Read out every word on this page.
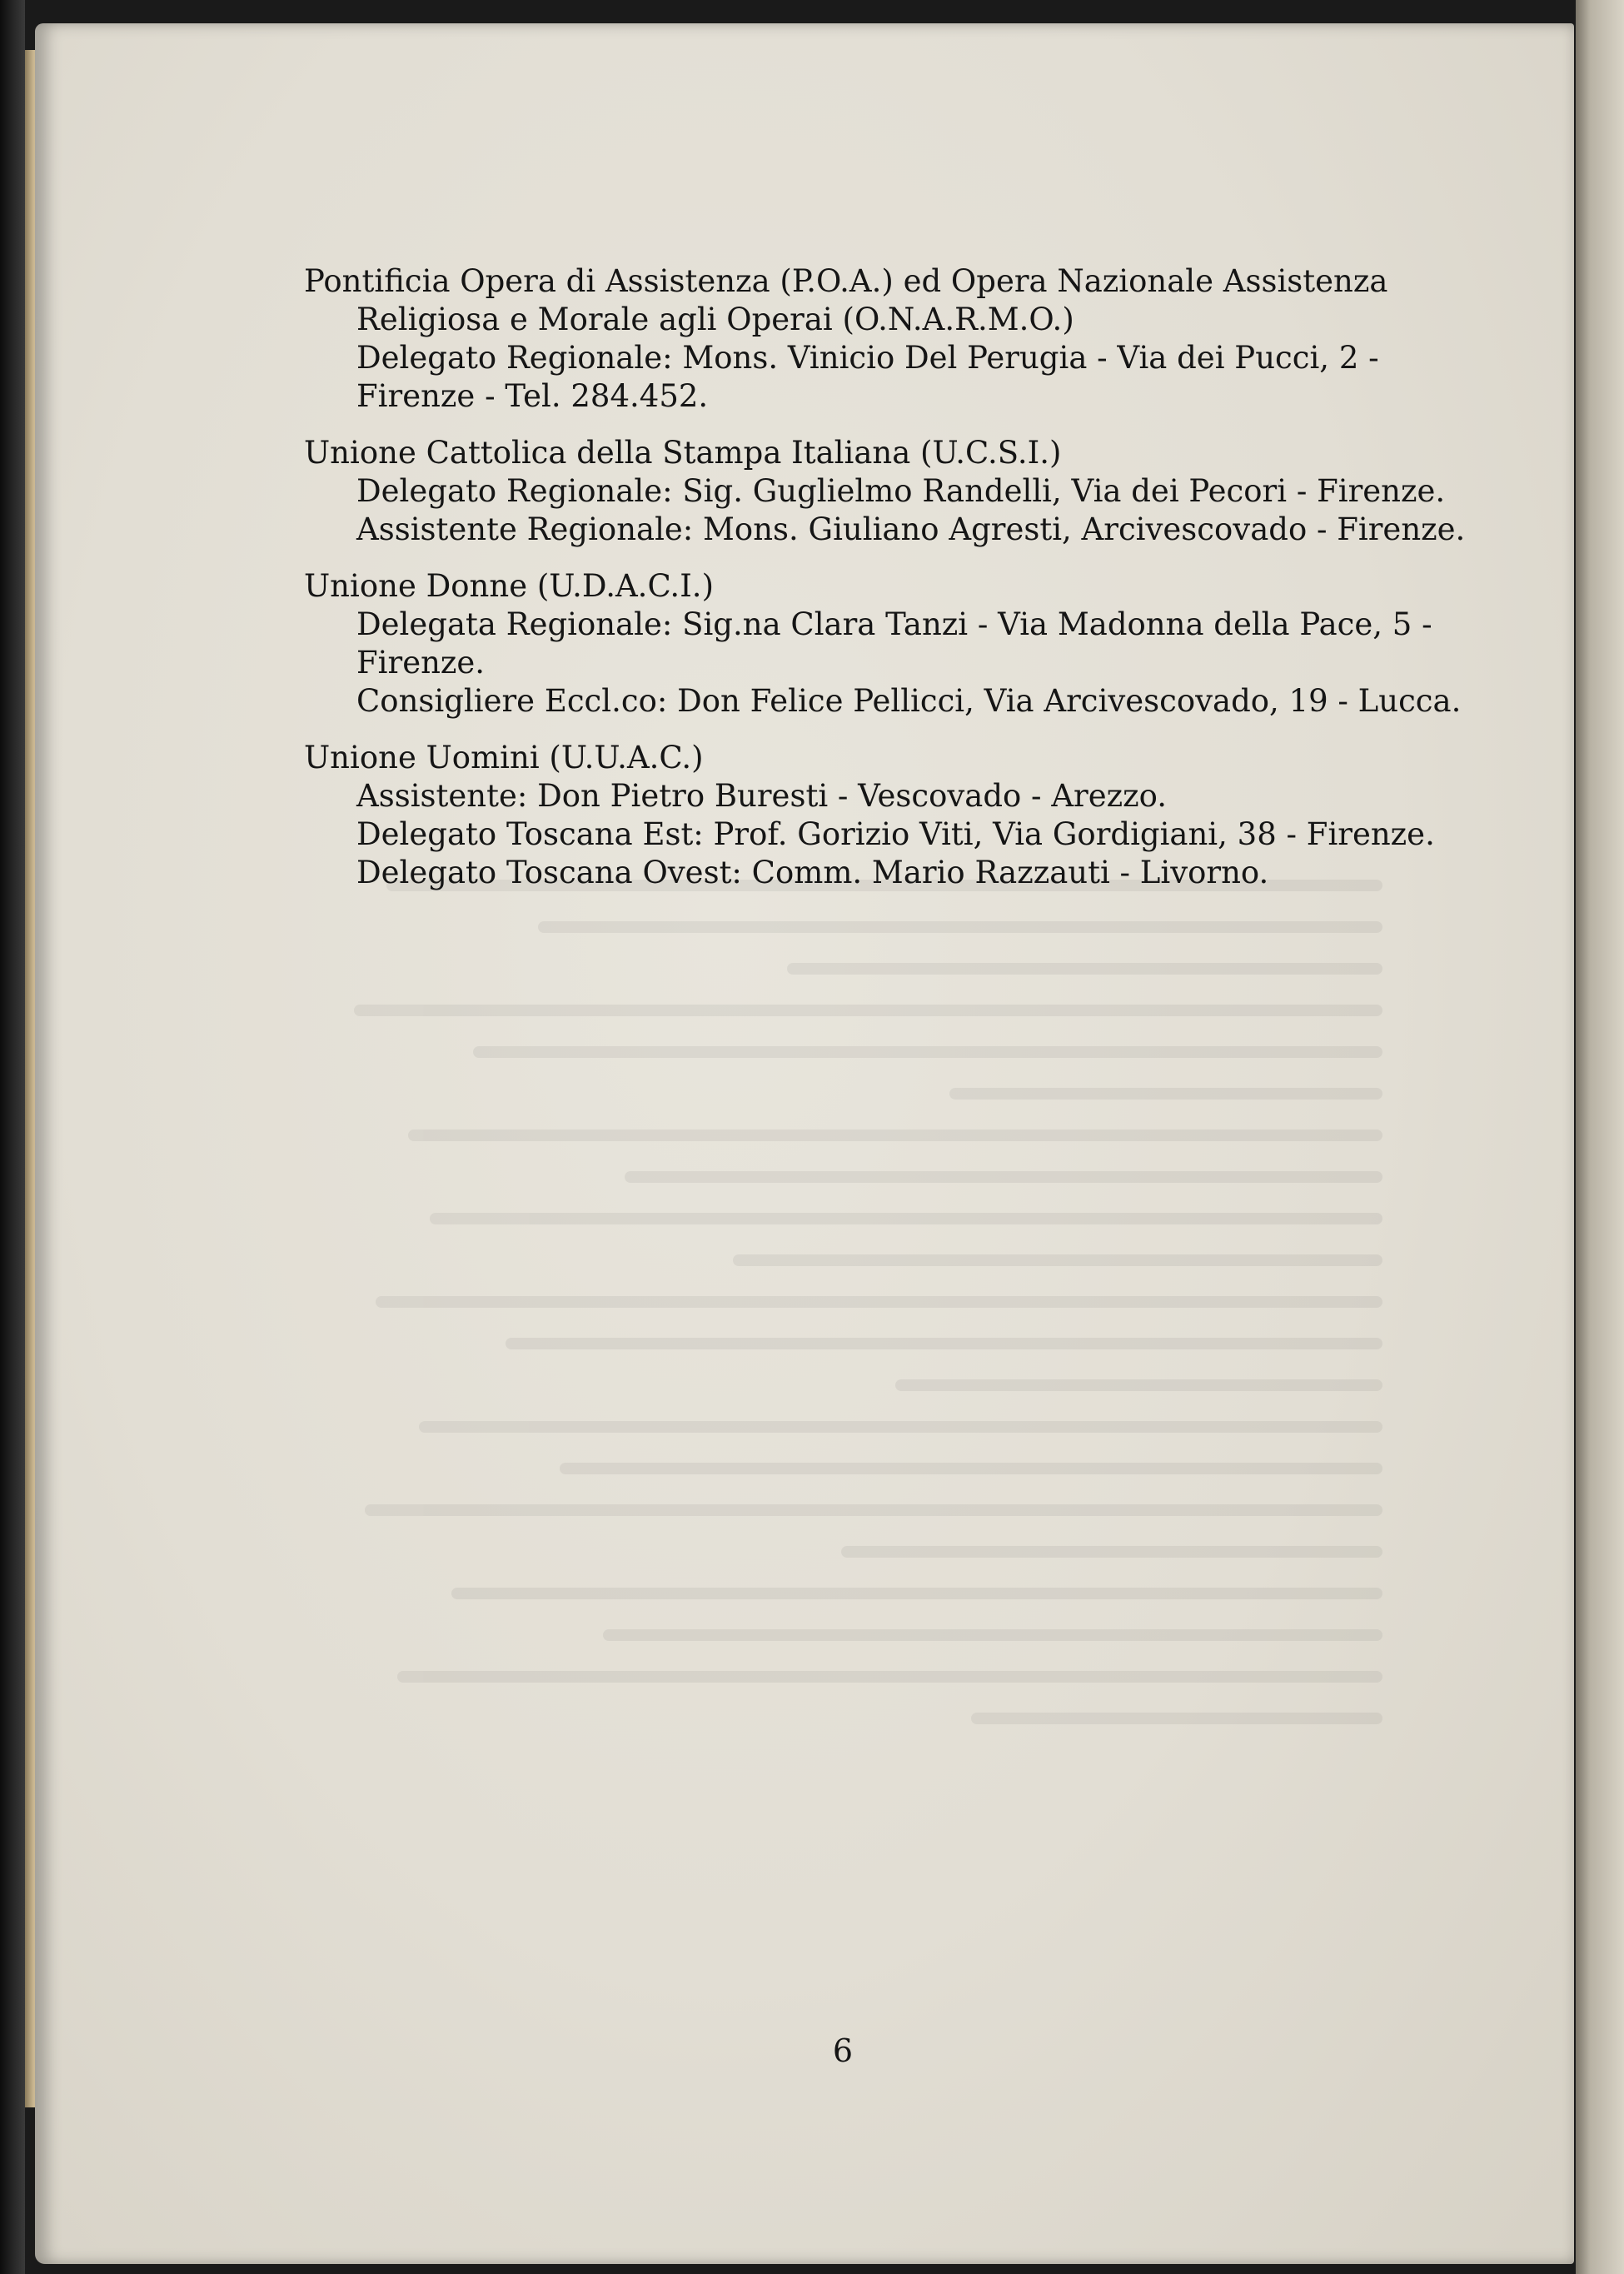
Pontificia Opera di Assistenza (P.O.A.) ed Opera Nazionale Assistenza
Religiosa e Morale agli Operai (O.N.A.R.M.O.)
Delegato Regionale: Mons. Vinicio Del Perugia - Via dei Pucci, 2 -
Firenze - Tel. 284.452.
Unione Cattolica della Stampa Italiana (U.C.S.I.)
Delegato Regionale: Sig. Guglielmo Randelli, Via dei Pecori - Firenze.
Assistente Regionale: Mons. Giuliano Agresti, Arcivescovado - Firenze.
Unione Donne (U.D.A.C.I.)
Delegata Regionale: Sig.na Clara Tanzi - Via Madonna della Pace, 5 -
Firenze.
Consigliere Eccl.co: Don Felice Pellicci, Via Arcivescovado, 19 - Lucca.
Unione Uomini (U.U.A.C.)
Assistente: Don Pietro Buresti - Vescovado - Arezzo.
Delegato Toscana Est: Prof. Gorizio Viti, Via Gordigiani, 38 - Firenze.
Delegato Toscana Ovest: Comm. Mario Razzauti - Livorno.
6
